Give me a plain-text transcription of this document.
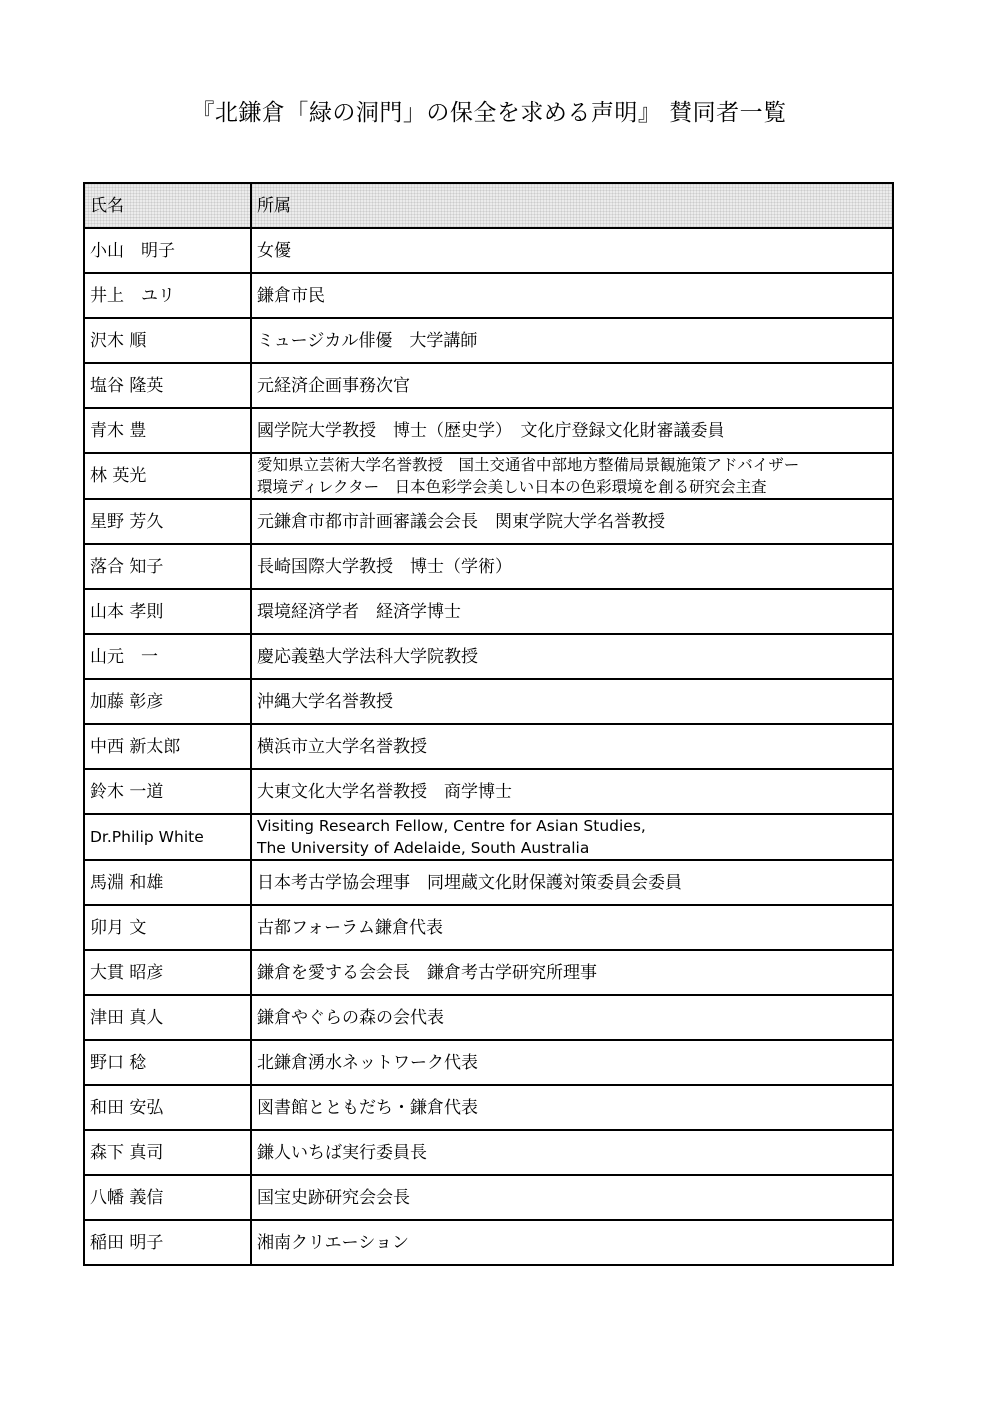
『北鎌倉「緑の洞門」の保全を求める声明』 賛同者一覧
氏名	所属
小山　明子	女優

井上　ユリ	鎌倉市民

沢木 順	ミュージカル俳優　大学講師

塩谷 隆英	元経済企画事務次官

青木 豊	國学院大学教授　博士（歴史学）　文化庁登録文化財審議委員

林 英光	愛知県立芸術大学名誉教授　国土交通省中部地方整備局景観施策アドバイザー
環境ディレクター　日本色彩学会美しい日本の色彩環境を創る研究会主査

星野 芳久	元鎌倉市都市計画審議会会長　関東学院大学名誉教授

落合 知子	長崎国際大学教授　博士（学術）

山本 孝則	環境経済学者　経済学博士

山元　一	慶応義塾大学法科大学院教授

加藤 彰彦	沖縄大学名誉教授

中西 新太郎	横浜市立大学名誉教授

鈴木 一道	大東文化大学名誉教授　商学博士

Dr.Philip White	Visiting Research Fellow, Centre for Asian Studies,
The University of Adelaide, South Australia

馬淵 和雄	日本考古学協会理事　同埋蔵文化財保護対策委員会委員

卯月 文	古都フォーラム鎌倉代表

大貫 昭彦	鎌倉を愛する会会長　鎌倉考古学研究所理事

津田 真人	鎌倉やぐらの森の会代表

野口 稔	北鎌倉湧水ネットワーク代表

和田 安弘	図書館とともだち・鎌倉代表

森下 真司	鎌人いちば実行委員長

八幡 義信	国宝史跡研究会会長

稲田 明子	湘南クリエーション
